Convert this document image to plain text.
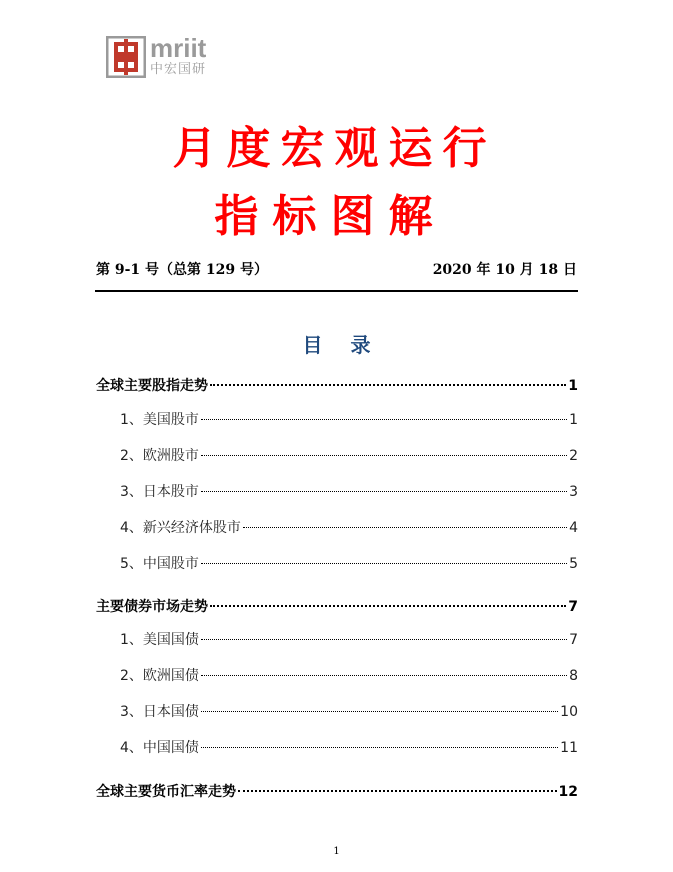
mriit
中宏国研
月度宏观运行
指标图解
第 9-1 号（总第 129 号）	2020 年 10 月 18 日
目录
全球主要股指走势	1
1、美国股市	1
2、欧洲股市	2
3、日本股市	3
4、新兴经济体股市	4
5、中国股市	5
主要债券市场走势	7
1、美国国债	7
2、欧洲国债	8
3、日本国债	10
4、中国国债	11
全球主要货币汇率走势	12
1
